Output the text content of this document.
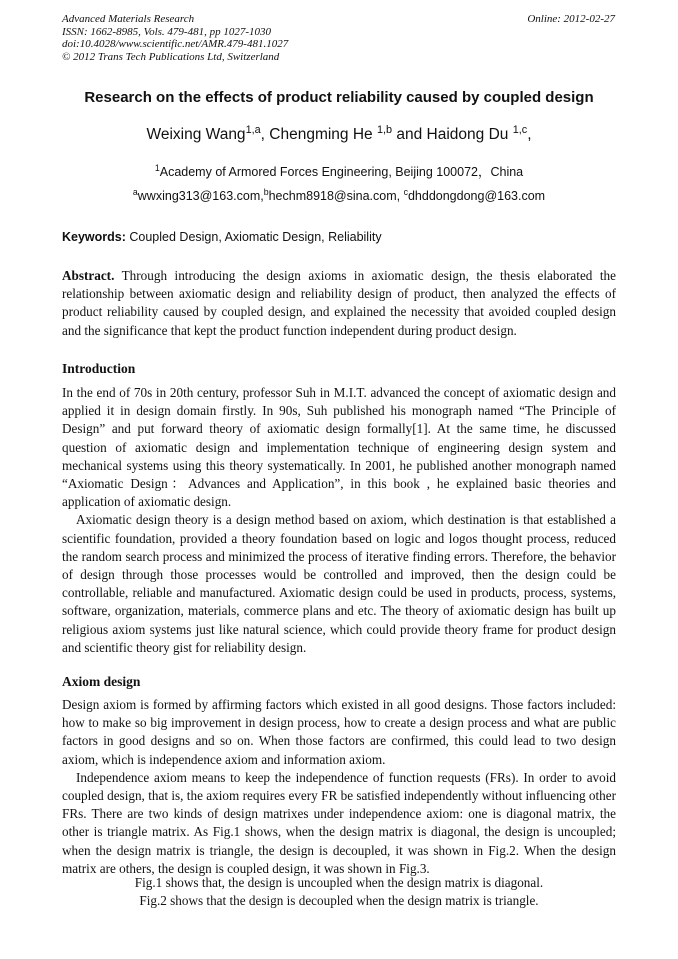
Advanced Materials Research
ISSN: 1662-8985, Vols. 479-481, pp 1027-1030
doi:10.4028/www.scientific.net/AMR.479-481.1027
© 2012 Trans Tech Publications Ltd, Switzerland
Online: 2012-02-27
Research on the effects of product reliability caused by coupled design
Weixing Wang$^{1,a}$, Chengming He $^{1,b}$ and Haidong Du $^{1,c}$,
$^1$Academy of Armored Forces Engineering, Beijing 100072，China
$^a$wwxing313@163.com,$^b$hechm8918@sina.com, $^c$dhddongdong@163.com
Keywords: Coupled Design, Axiomatic Design, Reliability

Abstract. Through introducing the design axioms in axiomatic design, the thesis elaborated the relationship between axiomatic design and reliability design of product, then analyzed the effects of product reliability caused by coupled design, and explained the necessity that avoided coupled design and the significance that kept the product function independent during product design.

Introduction

In the end of 70s in 20th century, professor Suh in M.I.T. advanced the concept of axiomatic design and applied it in design domain firstly. In 90s, Suh published his monograph named “The Principle of Design” and put forward theory of axiomatic design formally[1]. At the same time, he discussed question of axiomatic design and implementation technique of engineering design system and mechanical systems using this theory systematically. In 2001, he published another monograph named “Axiomatic Design：Advances and Application”, in this book , he explained basic theories and application of axiomatic design.

Axiomatic design theory is a design method based on axiom, which destination is that established a scientific foundation, provided a theory foundation based on logic and logos thought process, reduced the random search process and minimized the process of iterative finding errors. Therefore, the behavior of design through those processes would be controlled and improved, then the design could be controllable, reliable and manufactured. Axiomatic design could be used in products, process, systems, software, organization, materials, commerce plans and etc. The theory of axiomatic design has built up religious axiom systems just like natural science, which could provide theory frame for product design and scientific theory gist for reliability design.

Axiom design

Design axiom is formed by affirming factors which existed in all good designs. Those factors included: how to make so big improvement in design process, how to create a design process and what are public factors in good designs and so on. When those factors are confirmed, this could lead to two design axiom, which is independence axiom and information axiom.

Independence axiom means to keep the independence of function requests (FRs). In order to avoid coupled design, that is, the axiom requires every FR be satisfied independently without influencing other FRs. There are two kinds of design matrixes under independence axiom: one is diagonal matrix, the other is triangle matrix. As Fig.1 shows, when the design matrix is diagonal, the design is uncoupled; when the design matrix is triangle, the design is decoupled, it was shown in Fig.2. When the design matrix are others, the design is coupled design, it was shown in Fig.3.

Fig.1 shows that, the design is uncoupled when the design matrix is diagonal.
Fig.2 shows that the design is decoupled when the design matrix is triangle.
